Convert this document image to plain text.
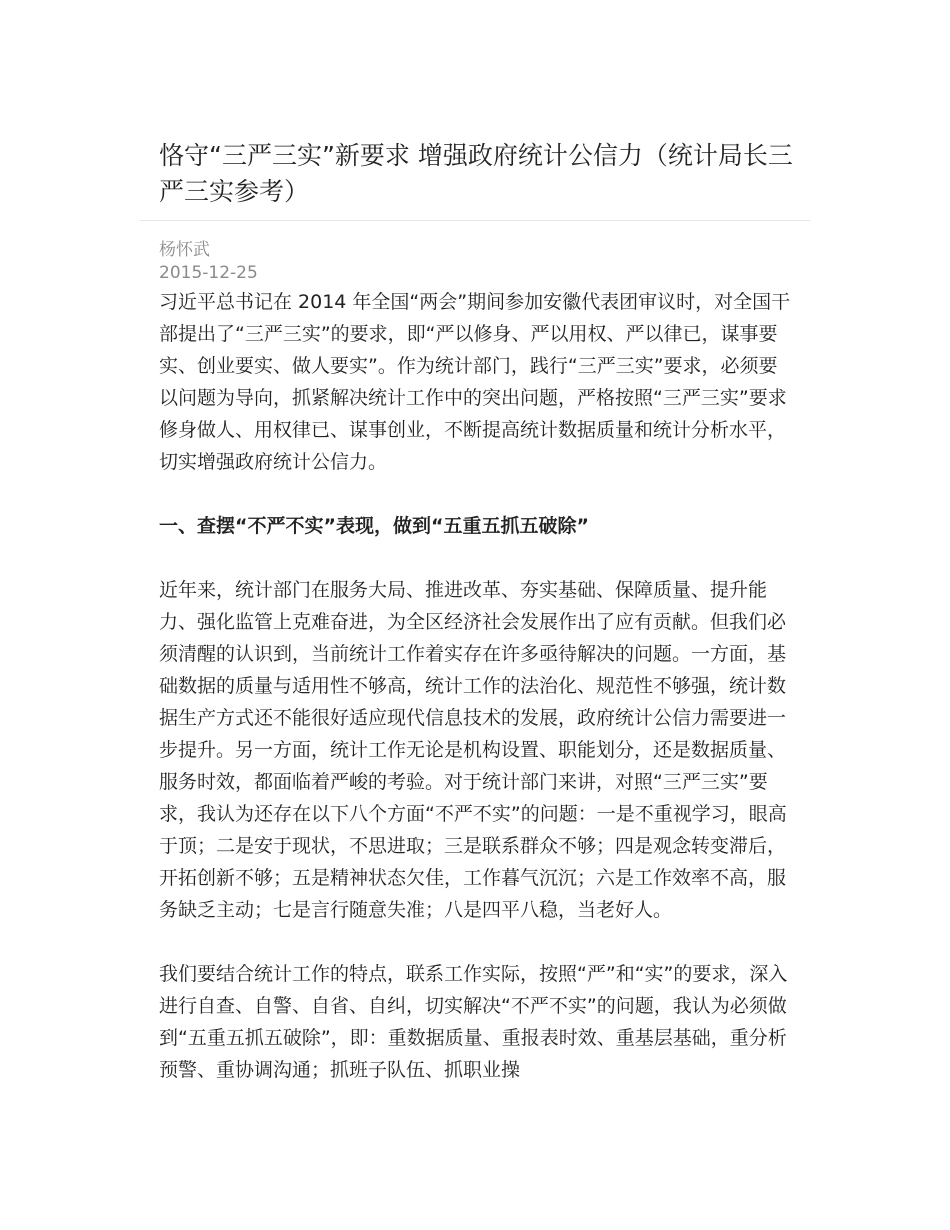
恪守“三严三实”新要求 增强政府统计公信力（统计局长三严三实参考）
杨怀武
2015-12-25

习近平总书记在 2014 年全国“两会”期间参加安徽代表团审议时，对全国干部提出了“三严三实”的要求，即“严以修身、严以用权、严以律已，谋事要实、创业要实、做人要实”。作为统计部门，践行“三严三实”要求，必须要以问题为导向，抓紧解决统计工作中的突出问题，严格按照“三严三实”要求修身做人、用权律已、谋事创业，不断提高统计数据质量和统计分析水平，切实增强政府统计公信力。

一、查摆“不严不实”表现，做到“五重五抓五破除”

近年来，统计部门在服务大局、推进改革、夯实基础、保障质量、提升能力、强化监管上克难奋进，为全区经济社会发展作出了应有贡献。但我们必须清醒的认识到，当前统计工作着实存在许多亟待解决的问题。一方面，基础数据的质量与适用性不够高，统计工作的法治化、规范性不够强，统计数据生产方式还不能很好适应现代信息技术的发展，政府统计公信力需要进一步提升。另一方面，统计工作无论是机构设置、职能划分，还是数据质量、服务时效，都面临着严峻的考验。对于统计部门来讲，对照“三严三实”要求，我认为还存在以下八个方面“不严不实”的问题：一是不重视学习，眼高于顶；二是安于现状，不思进取；三是联系群众不够；四是观念转变滞后，开拓创新不够；五是精神状态欠佳，工作暮气沉沉；六是工作效率不高，服务缺乏主动；七是言行随意失准；八是四平八稳，当老好人。

我们要结合统计工作的特点，联系工作实际，按照“严”和“实”的要求，深入进行自查、自警、自省、自纠，切实解决“不严不实”的问题，我认为必须做到“五重五抓五破除”，即：重数据质量、重报表时效、重基层基础，重分析预警、重协调沟通；抓班子队伍、抓职业操
